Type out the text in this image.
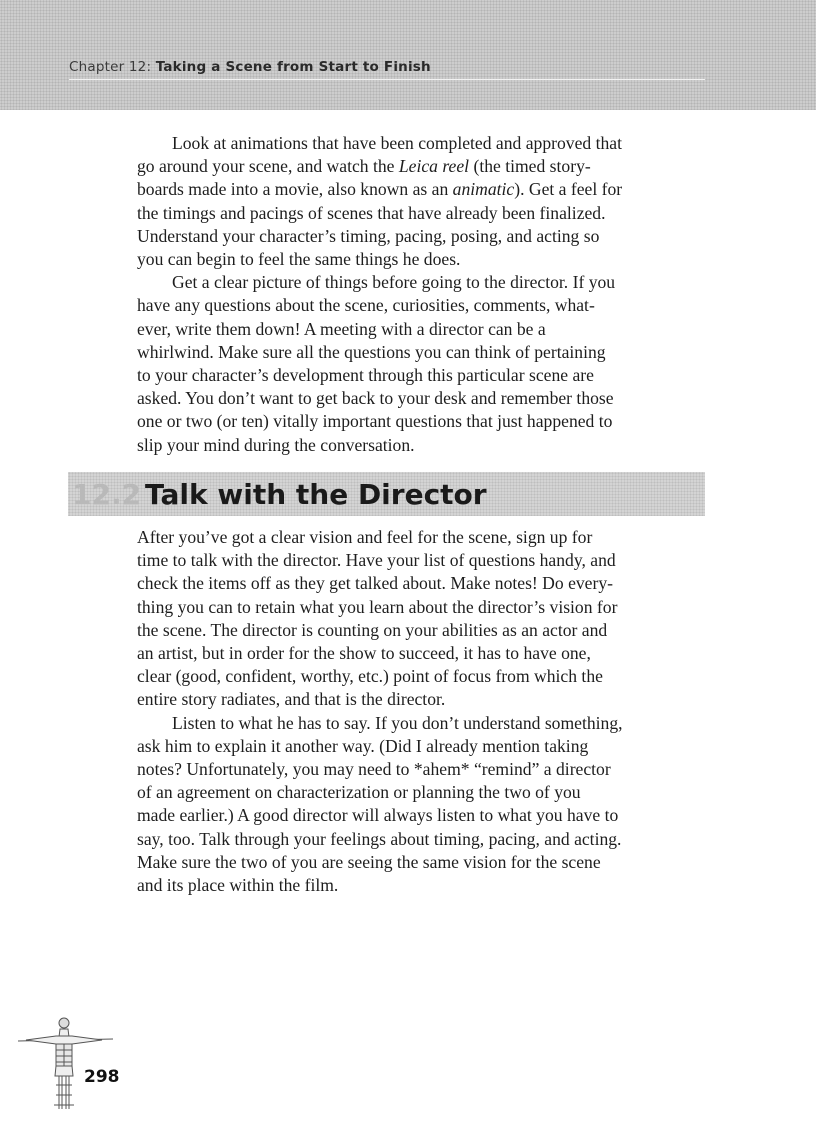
Chapter 12: Taking a Scene from Start to Finish

Look at animations that have been completed and approved that

go around your scene, and watch the Leica reel (the timed story-
boards made into a movie, also known as an animatic). Get a feel for
the timings and pacings of scenes that have already been finalized.
Understand your character’s timing, pacing, posing, and acting so
you can begin to feel the same things he does.

Get a clear picture of things before going to the director. If you

have any questions about the scene, curiosities, comments, what-
ever, write them down! A meeting with a director can be a
whirlwind. Make sure all the questions you can think of pertaining
to your character’s development through this particular scene are
asked. You don’t want to get back to your desk and remember those
one or two (or ten) vitally important questions that just happened to
slip your mind during the conversation.

12.2 Talk with the Director

After you’ve got a clear vision and feel for the scene, sign up for
time to talk with the director. Have your list of questions handy, and
check the items off as they get talked about. Make notes! Do every-
thing you can to retain what you learn about the director’s vision for
the scene. The director is counting on your abilities as an actor and
an artist, but in order for the show to succeed, it has to have one,
clear (good, confident, worthy, etc.) point of focus from which the
entire story radiates, and that is the director.

Listen to what he has to say. If you don’t understand something,

ask him to explain it another way. (Did I already mention taking
notes? Unfortunately, you may need to *ahem* “remind” a director
of an agreement on characterization or planning the two of you
made earlier.) A good director will always listen to what you have to
say, too. Talk through your feelings about timing, pacing, and acting.
Make sure the two of you are seeing the same vision for the scene
and its place within the film.

298
